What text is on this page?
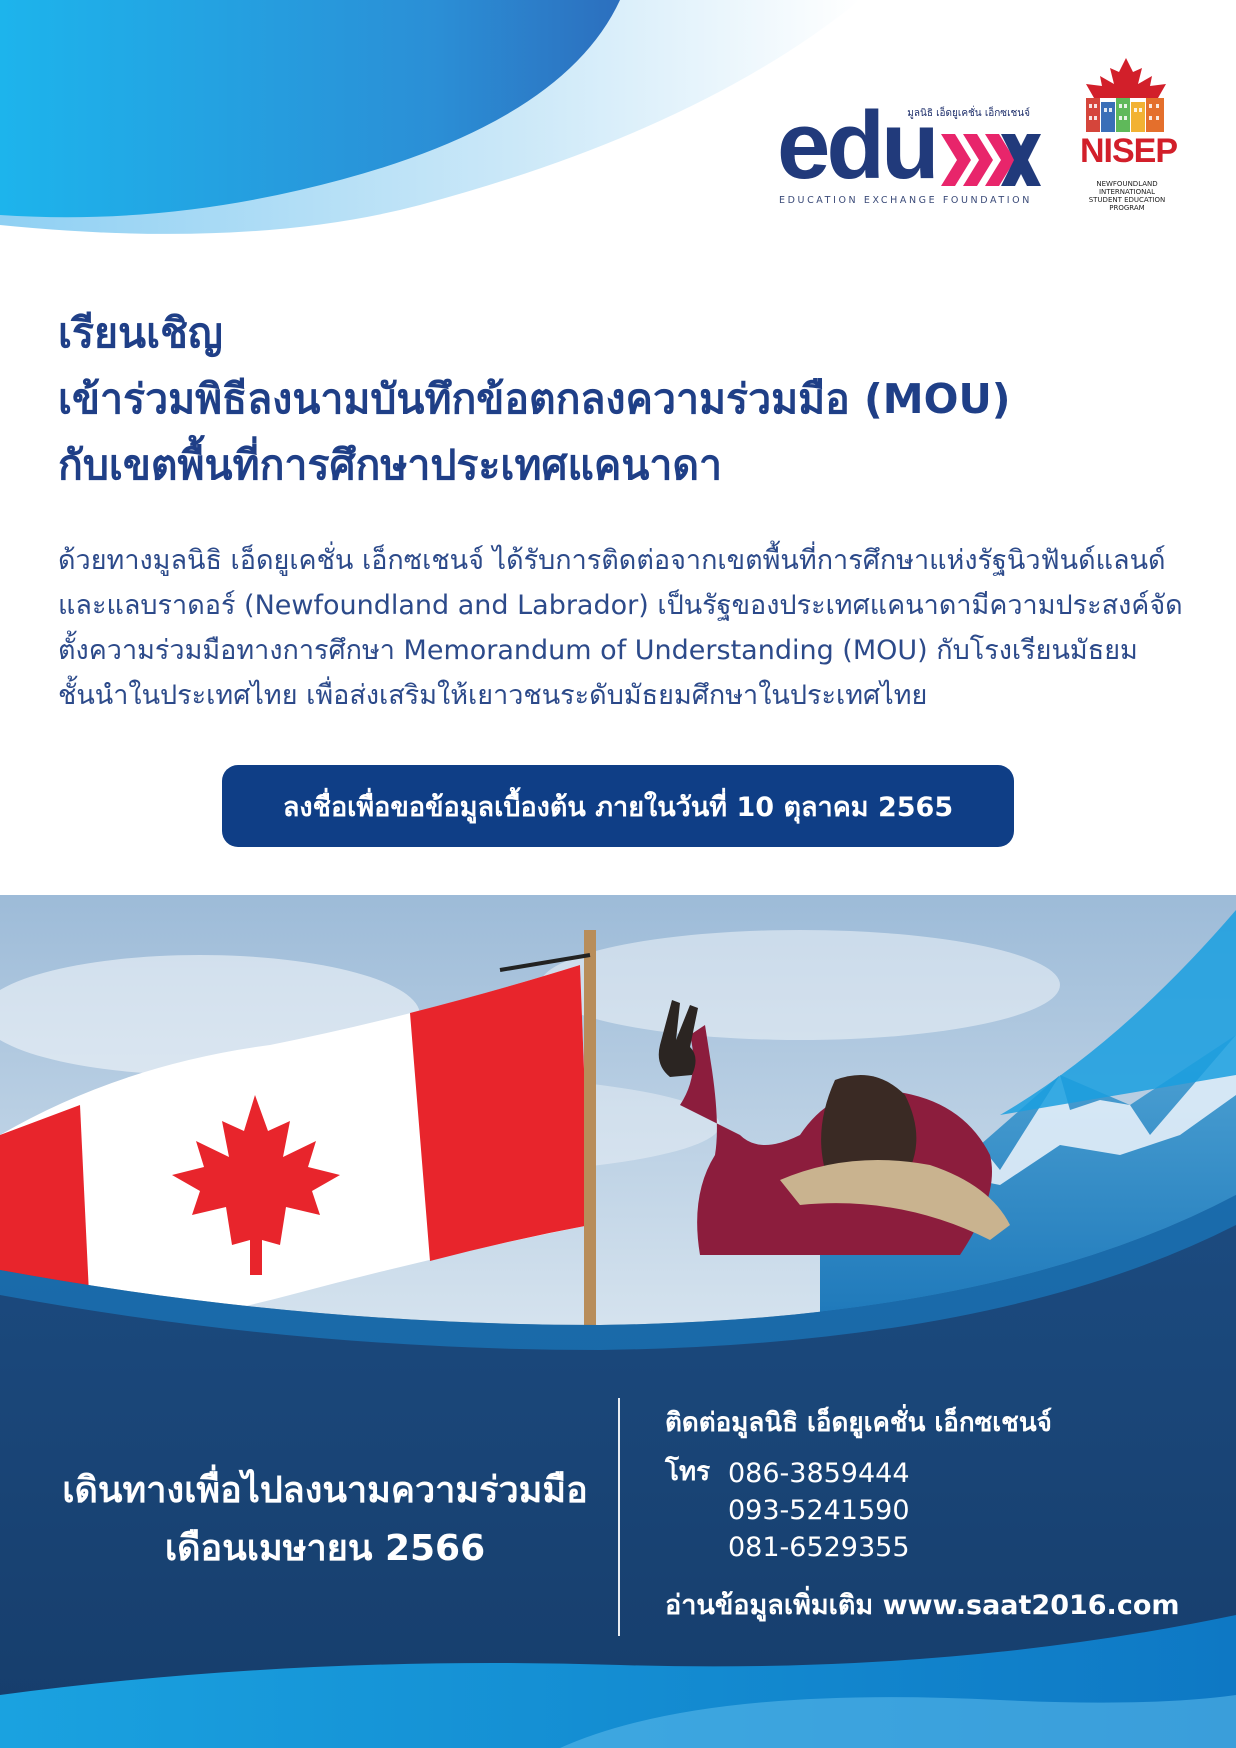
มูลนิธิ เอ็ดยูเคชั่น เอ็กซเชนจ์
edu
EDUCATION EXCHANGE FOUNDATION
NISEP
NEWFOUNDLAND INTERNATIONAL
STUDENT EDUCATION PROGRAM
เรียนเชิญ
เข้าร่วมพิธีลงนามบันทึกข้อตกลงความร่วมมือ (MOU)
กับเขตพื้นที่การศึกษาประเทศแคนาดา
ด้วยทางมูลนิธิ เอ็ดยูเคชั่น เอ็กซเชนจ์ ได้รับการติดต่อจากเขตพื้นที่การศึกษาแห่งรัฐนิวฟันด์แลนด์
และแลบราดอร์ (Newfoundland and Labrador) เป็นรัฐของประเทศแคนาดามีความประสงค์จัด
ตั้งความร่วมมือทางการศึกษา Memorandum of Understanding (MOU) กับโรงเรียนมัธยม
ชั้นนำในประเทศไทย เพื่อส่งเสริมให้เยาวชนระดับมัธยมศึกษาในประเทศไทย
ลงชื่อเพื่อขอข้อมูลเบื้องต้น ภายในวันที่ 10 ตุลาคม 2565
เดินทางเพื่อไปลงนามความร่วมมือ
เดือนเมษายน 2566
ติดต่อมูลนิธิ เอ็ดยูเคชั่น เอ็กซเชนจ์
โทร 086-3859444
093-5241590
081-6529355
อ่านข้อมูลเพิ่มเติม www.saat2016.com
